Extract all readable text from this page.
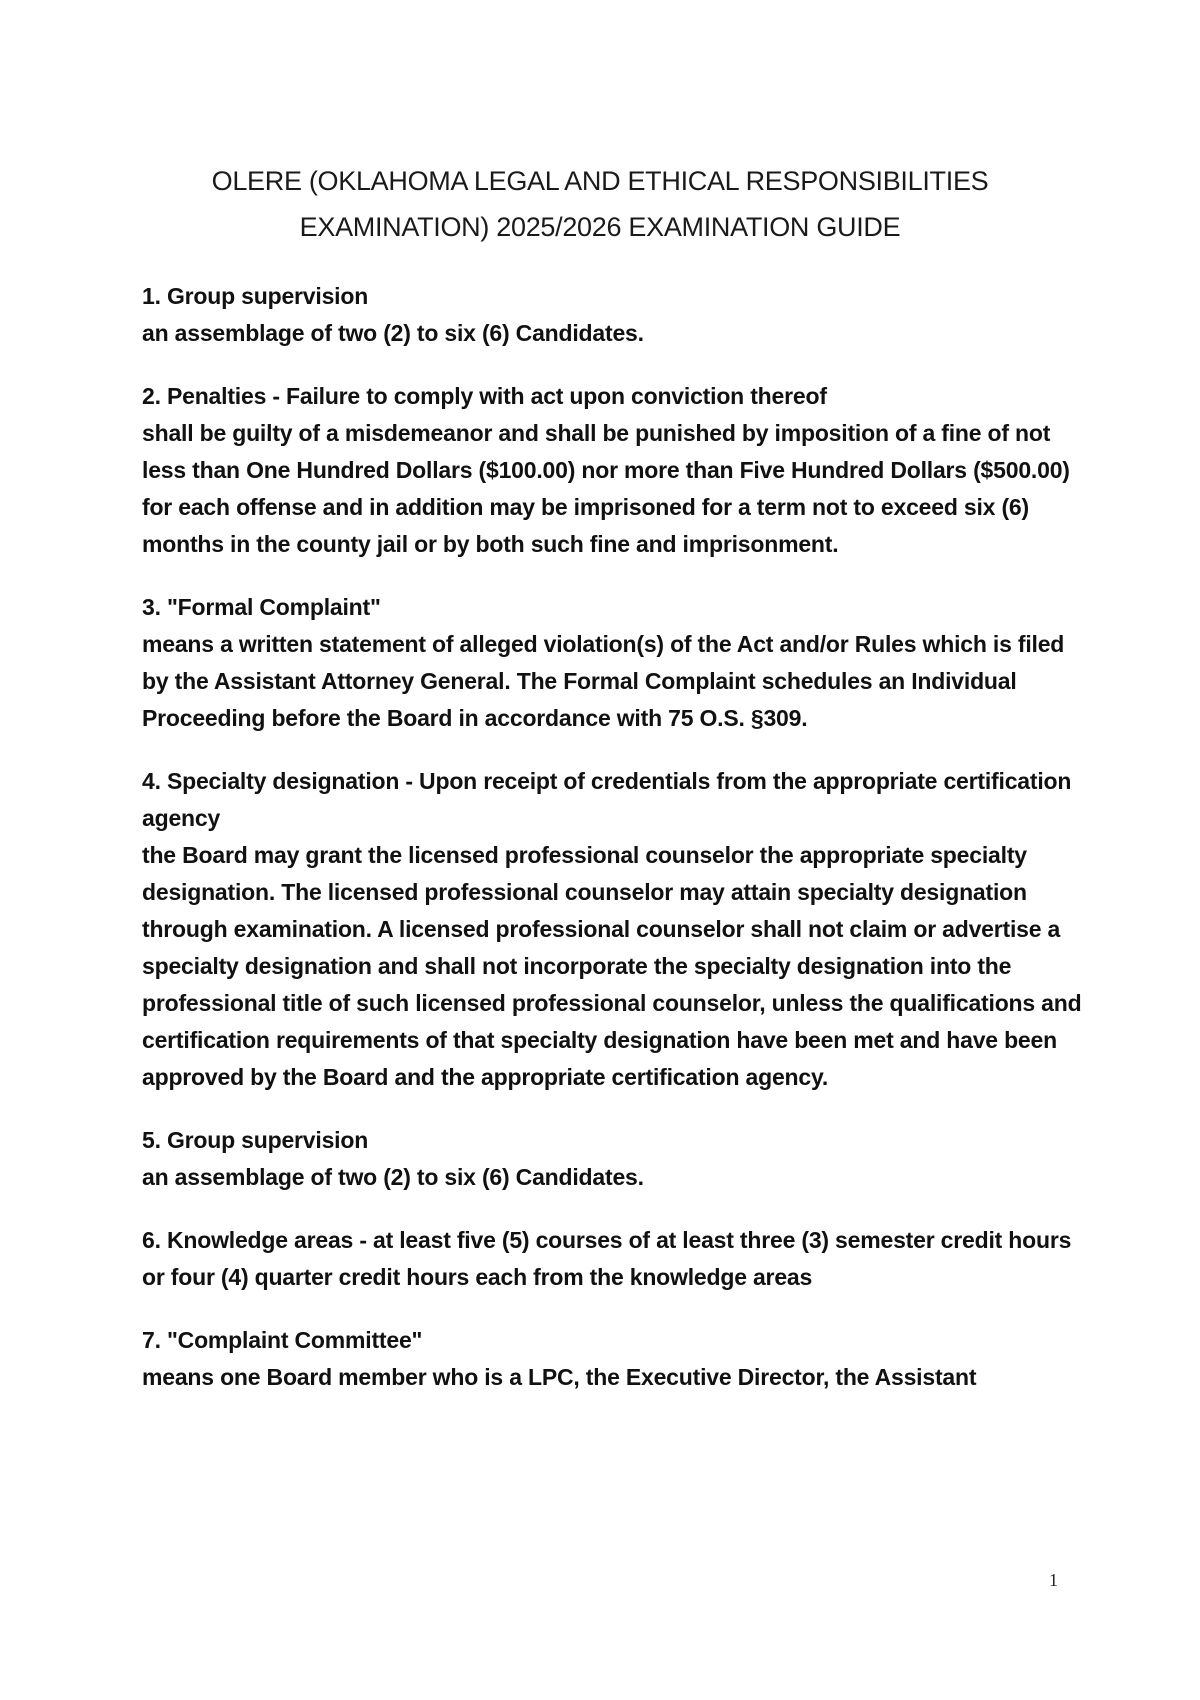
OLERE (OKLAHOMA LEGAL AND ETHICAL RESPONSIBILITIES
EXAMINATION) 2025/2026 EXAMINATION GUIDE
1. Group supervision
an assemblage of two (2) to six (6) Candidates.
2. Penalties - Failure to comply with act upon conviction thereof
shall be guilty of a misdemeanor and shall be punished by imposition of a fine of not less than One Hundred Dollars ($100.00) nor more than Five Hundred Dollars ($500.00) for each offense and in addition may be imprisoned for a term not to exceed six (6) months in the county jail or by both such fine and imprisonment.
3. "Formal Complaint"
means a written statement of alleged violation(s) of the Act and/or Rules which is filed by the Assistant Attorney General. The Formal Complaint schedules an Individual Proceeding before the Board in accordance with 75 O.S. §309.
4. Specialty designation - Upon receipt of credentials from the appropriate certification agency
the Board may grant the licensed professional counselor the appropriate specialty designation. The licensed professional counselor may attain specialty designation through examination. A licensed professional counselor shall not claim or advertise a specialty designation and shall not incorporate the specialty designation into the professional title of such licensed professional counselor, unless the qualifications and certification requirements of that specialty designation have been met and have been approved by the Board and the appropriate certification agency.
5. Group supervision
an assemblage of two (2) to six (6) Candidates.
6. Knowledge areas - at least five (5) courses of at least three (3) semester credit hours or four (4) quarter credit hours each from the knowledge areas
7. "Complaint Committee"
means one Board member who is a LPC, the Executive Director, the Assistant
1
